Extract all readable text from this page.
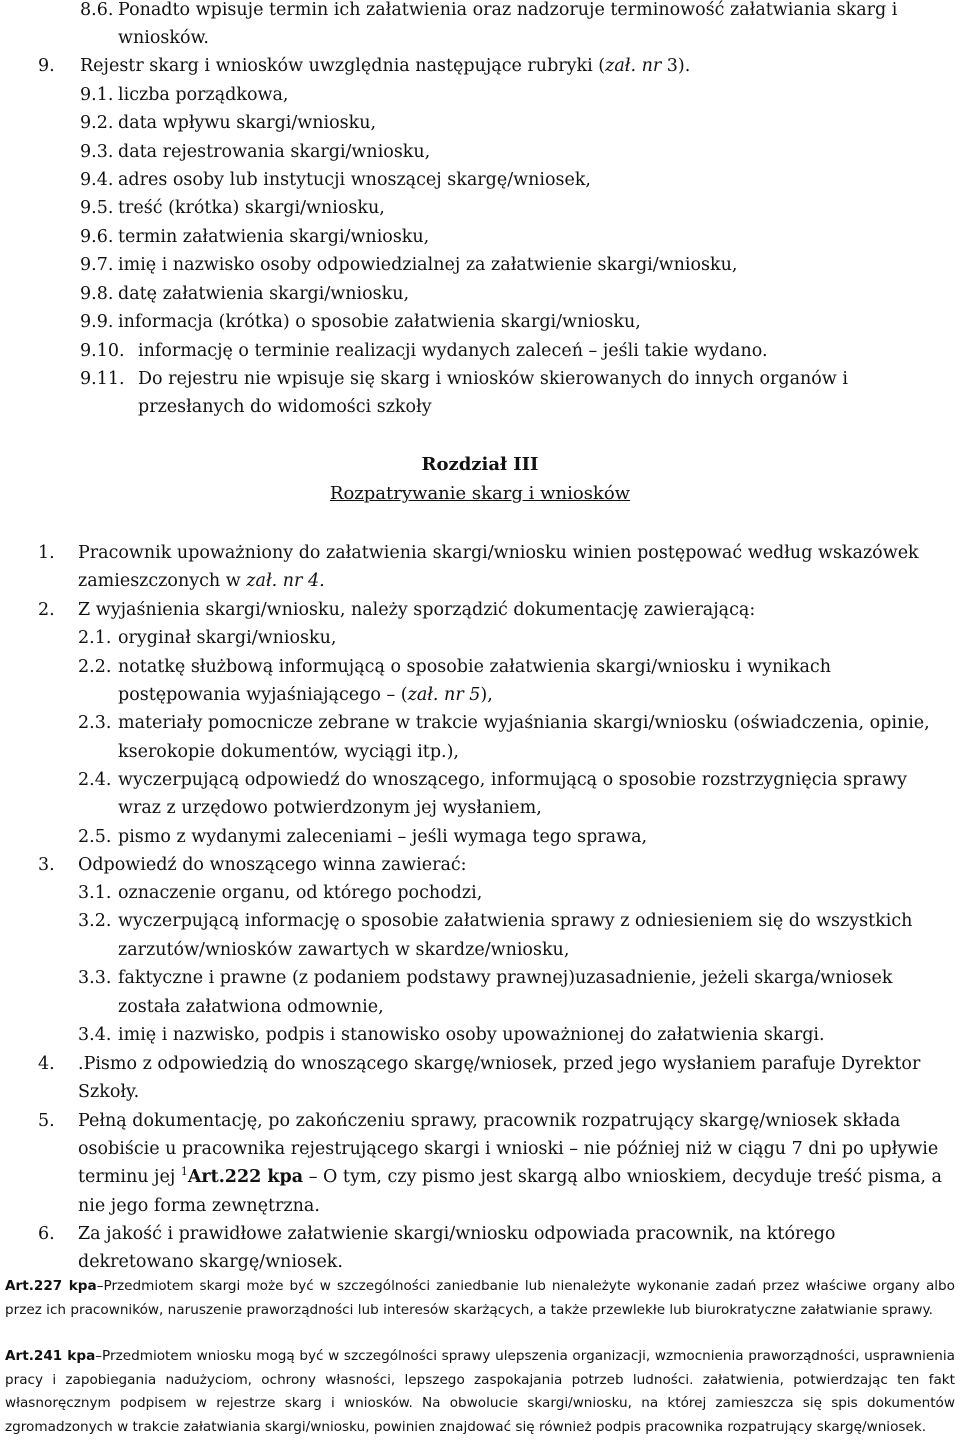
8.6. Ponadto wpisuje termin ich załatwienia oraz nadzoruje terminowość załatwiania skarg i
wniosków.
9.	Rejestr skarg i wniosków uwzględnia następujące rubryki (zał. nr 3).
9.1. liczba porządkowa,
9.2. data wpływu skargi/wniosku,
9.3. data rejestrowania skargi/wniosku,
9.4. adres osoby lub instytucji wnoszącej skargę/wniosek,
9.5. treść (krótka) skargi/wniosku,
9.6. termin załatwienia skargi/wniosku,
9.7. imię i nazwisko osoby odpowiedzialnej za załatwienie skargi/wniosku,
9.8. datę załatwienia skargi/wniosku,
9.9. informacja (krótka) o sposobie załatwienia skargi/wniosku,
9.10. informację o terminie realizacji wydanych zaleceń – jeśli takie wydano.
9.11. Do rejestru nie wpisuje się skarg i wniosków skierowanych do innych organów i
przesłanych do widomości szkoły
Rozdział III
Rozpatrywanie skarg i wniosków
1.	Pracownik upoważniony do załatwienia skargi/wniosku winien postępować według wskazówek
zamieszczonych w zał. nr 4.
2.	Z wyjaśnienia skargi/wniosku, należy sporządzić dokumentację zawierającą:
2.1. oryginał skargi/wniosku,
2.2. notatkę służbową informującą o sposobie załatwienia skargi/wniosku i wynikach
postępowania wyjaśniającego – (zał. nr 5),
2.3. materiały pomocnicze zebrane w trakcie wyjaśniania skargi/wniosku (oświadczenia, opinie,
kserokopie dokumentów, wyciągi itp.),
2.4. wyczerpującą odpowiedź do wnoszącego, informującą o sposobie rozstrzygnięcia sprawy
wraz z urzędowo potwierdzonym jej wysłaniem,
2.5. pismo z wydanymi zaleceniami – jeśli wymaga tego sprawa,
3.	Odpowiedź do wnoszącego winna zawierać:
3.1. oznaczenie organu, od którego pochodzi,
3.2. wyczerpującą informację o sposobie załatwienia sprawy z odniesieniem się do wszystkich
zarzutów/wniosków zawartych w skardze/wniosku,
3.3. faktyczne i prawne (z podaniem podstawy prawnej)uzasadnienie, jeżeli skarga/wniosek
została załatwiona odmownie,
3.4. imię i nazwisko, podpis i stanowisko osoby upoważnionej do załatwienia skargi.
4.	.Pismo z odpowiedzią do wnoszącego skargę/wniosek, przed jego wysłaniem parafuje Dyrektor
Szkoły.
5.	Pełną dokumentację, po zakończeniu sprawy, pracownik rozpatrujący skargę/wniosek składa
osobiście u pracownika rejestrującego skargi i wnioski – nie później niż w ciągu 7 dni po upływie
terminu jej $^1$Art.222 kpa – O tym, czy pismo jest skargą albo wnioskiem, decyduje treść pisma, a
nie jego forma zewnętrzna.
6.	Za jakość i prawidłowe załatwienie skargi/wniosku odpowiada pracownik, na którego
dekretowano skargę/wniosek.
Art.227 kpa–Przedmiotem skargi może być w szczególności zaniedbanie lub nienależyte wykonanie zadań przez właściwe organy albo przez ich pracowników, naruszenie praworządności lub interesów skarżących, a także przewlekłe lub biurokratyczne załatwianie sprawy.
Art.241 kpa–Przedmiotem wniosku mogą być w szczególności sprawy ulepszenia organizacji, wzmocnienia praworządności, usprawnienia pracy i zapobiegania nadużyciom, ochrony własności, lepszego zaspokajania potrzeb ludności. załatwienia, potwierdzając ten fakt własnoręcznym podpisem w rejestrze skarg i wniosków. Na obwolucie skargi/wniosku, na której zamieszcza się spis dokumentów zgromadzonych w trakcie załatwiania skargi/wniosku, powinien znajdować się również podpis pracownika rozpatrujący skargę/wniosek.
